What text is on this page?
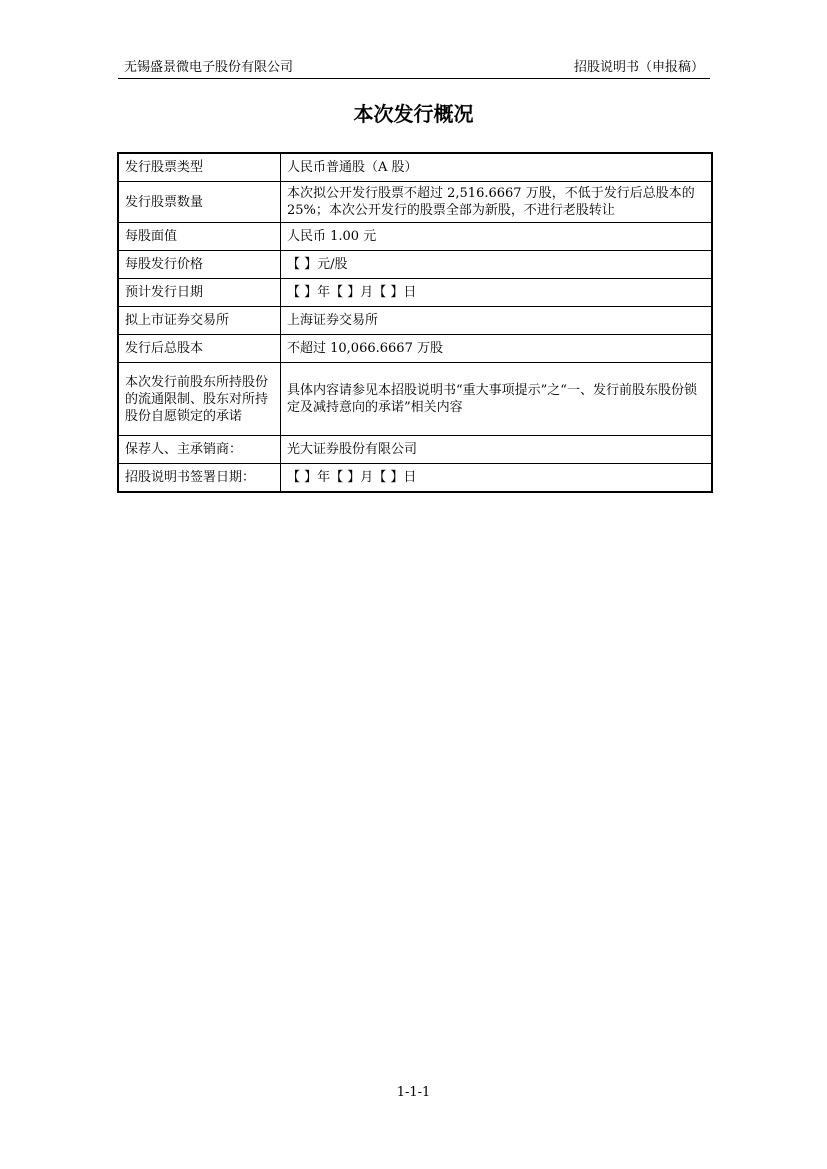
无锡盛景微电子股份有限公司	招股说明书（申报稿）
本次发行概况
发行股票类型	人民币普通股（A 股）
发行股票数量	本次拟公开发行股票不超过 2,516.6667 万股，不低于发行后总股本的 25%；本次公开发行的股票全部为新股，不进行老股转让
每股面值	人民币 1.00 元
每股发行价格	【 】元/股
预计发行日期	【 】年【 】月【 】日
拟上市证券交易所	上海证券交易所
发行后总股本	不超过 10,066.6667 万股
本次发行前股东所持股份的流通限制、股东对所持股份自愿锁定的承诺	具体内容请参见本招股说明书“重大事项提示”之“一、发行前股东股份锁定及减持意向的承诺”相关内容
保荐人、主承销商：	光大证券股份有限公司
招股说明书签署日期：	【 】年【 】月【 】日
1-1-1
